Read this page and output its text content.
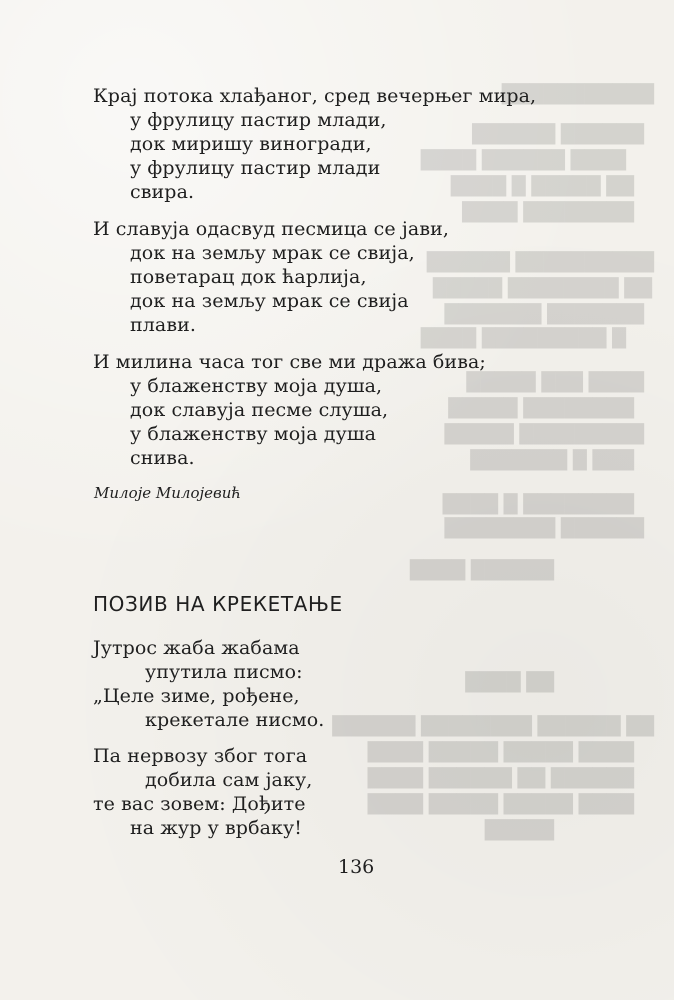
███████████
██████ ██████
████ ██████ ████
██ █████ █ ████
████████ ████
██████████ ██████
██ ████████ █████
███████ ███████
█ █████████ ████
████ ███ █████
████████ █████
█████████ █████
███ █ ███████
████████ █ ████
██████ ████████
██████ ████
██ ████
██ ██████ ████████ ██████
████ █████ █████ ████
██████ ██ ██████ ████
████ █████ █████ ████
█████
Крај потока хлађаног, сред вечерњег мира,
у фрулицу пастир млади,
док миришу виногради,
у фрулицу пастир млади
свира.
И славуја одасвуд песмица се јави,
док на земљу мрак се свија,
поветарац док ћарлија,
док на земљу мрак се свија
плави.
И милина часа тог све ми дража бива;
у блаженству моја душа,
док славуја песме слуша,
у блаженству моја душа
снива.
Милоје Милојевић
ПОЗИВ НА КРЕКЕТАЊЕ
Јутрос жаба жабама
упутила писмо:
„Целе зиме, рођене,
крекетале нисмо.
Па нервозу због тога
добила сам јаку,
те вас зовем: Дођите
на жур у врбаку!
136
